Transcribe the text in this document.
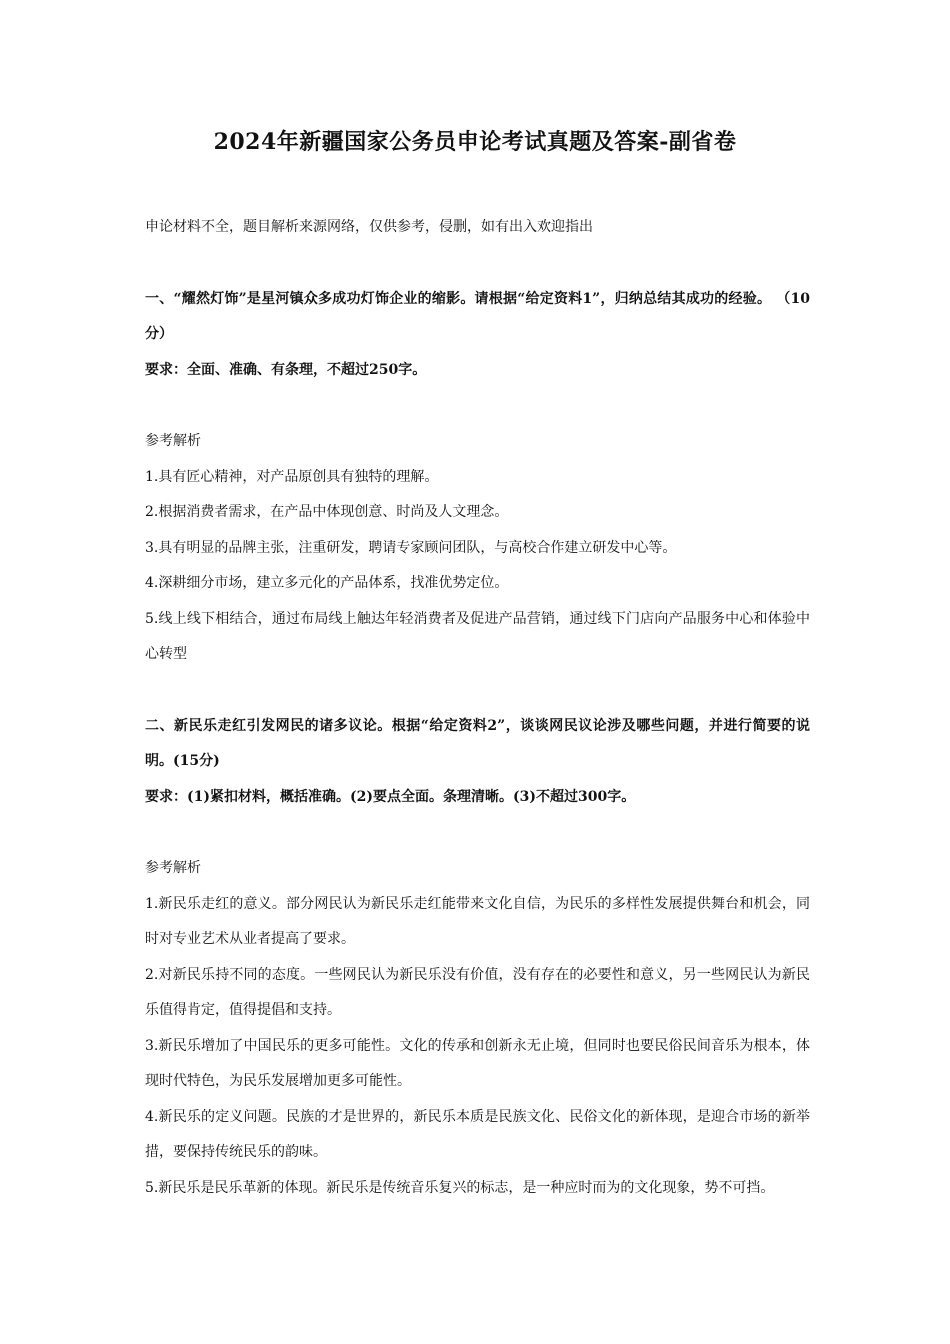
2024年新疆国家公务员申论考试真题及答案-副省卷

申论材料不全，题目解析来源网络，仅供参考，侵删，如有出入欢迎指出

一、“耀然灯饰”是星河镇众多成功灯饰企业的缩影。请根据“给定资料1”，归纳总结其成功的经验。 （10分）

要求：全面、准确、有条理，不超过250字。

参考解析

1.具有匠心精神，对产品原创具有独特的理解。

2.根据消费者需求，在产品中体现创意、时尚及人文理念。

3.具有明显的品牌主张，注重研发，聘请专家顾问团队，与高校合作建立研发中心等。

4.深耕细分市场，建立多元化的产品体系，找准优势定位。

5.线上线下相结合，通过布局线上触达年轻消费者及促进产品营销，通过线下门店向产品服务中心和体验中心转型

二、新民乐走红引发网民的诸多议论。根据“给定资料2”，谈谈网民议论涉及哪些问题，并进行简要的说明。(15分)

要求：(1)紧扣材料，概括准确。(2)要点全面。条理清晰。(3)不超过300字。

参考解析

1.新民乐走红的意义。部分网民认为新民乐走红能带来文化自信，为民乐的多样性发展提供舞台和机会，同时对专业艺术从业者提高了要求。

2.对新民乐持不同的态度。一些网民认为新民乐没有价值，没有存在的必要性和意义，另一些网民认为新民乐值得肯定，值得提倡和支持。

3.新民乐增加了中国民乐的更多可能性。文化的传承和创新永无止境，但同时也要民俗民间音乐为根本，体现时代特色，为民乐发展增加更多可能性。

4.新民乐的定义问题。民族的才是世界的，新民乐本质是民族文化、民俗文化的新体现，是迎合市场的新举措，要保持传统民乐的韵味。

5.新民乐是民乐革新的体现。新民乐是传统音乐复兴的标志，是一种应时而为的文化现象，势不可挡。
